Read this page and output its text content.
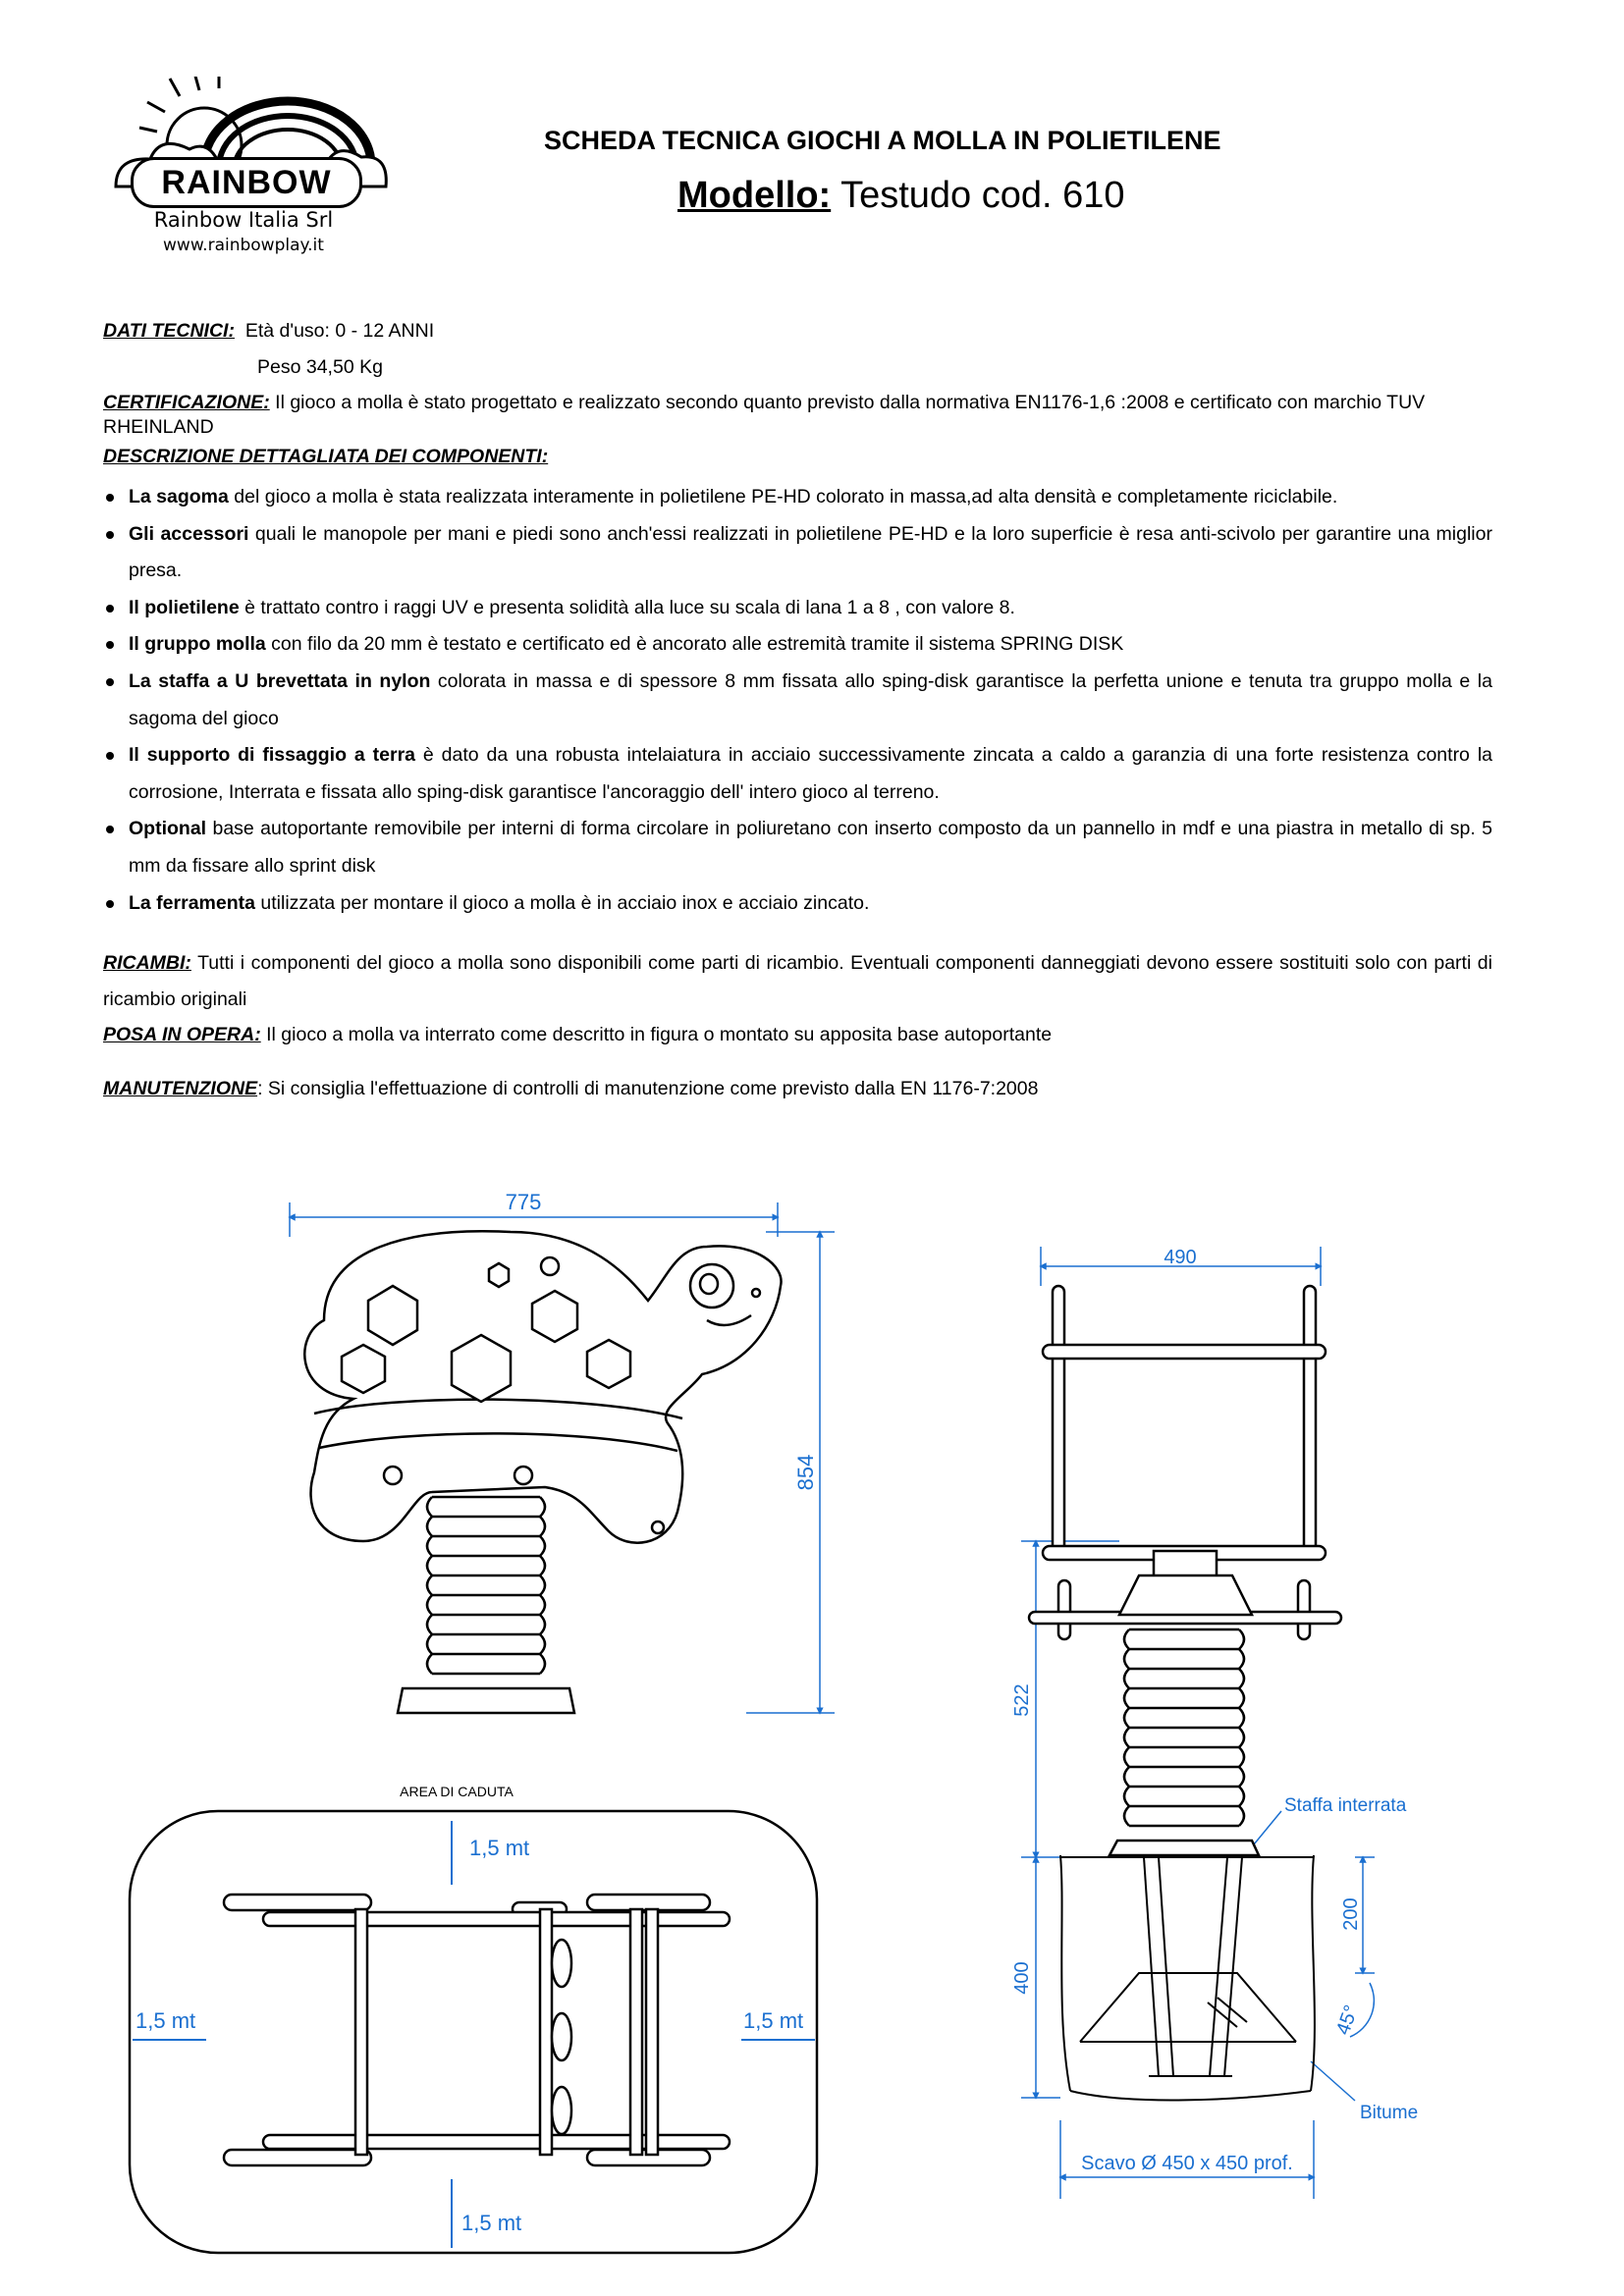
RAINBOW
Rainbow Italia Srl
www.rainbowplay.it
SCHEDA TECNICA GIOCHI A MOLLA IN POLIETILENE
Modello: Testudo cod. 610
DATI TECNICI: Età d'uso: 0 - 12 ANNI
Peso 34,50 Kg
CERTIFICAZIONE: Il gioco a molla è stato progettato e realizzato secondo quanto previsto dalla normativa EN1176-1,6 :2008 e certificato con marchio TUV RHEINLAND
DESCRIZIONE DETTAGLIATA DEI COMPONENTI:
La sagoma del gioco a molla è stata realizzata interamente in polietilene PE-HD colorato in massa,ad alta densità e completamente riciclabile.
Gli accessori quali le manopole per mani e piedi sono anch'essi realizzati in polietilene PE-HD e la loro superficie è resa anti-scivolo per garantire una miglior presa.
Il polietilene è trattato contro i raggi UV e presenta solidità alla luce su scala di lana 1 a 8 , con valore 8.
Il gruppo molla con filo da 20 mm è testato e certificato ed è ancorato alle estremità tramite il sistema SPRING DISK
La staffa a U brevettata in nylon colorata in massa e di spessore 8 mm fissata allo sping-disk garantisce la perfetta unione e tenuta tra gruppo molla e la sagoma del gioco
Il supporto di fissaggio a terra è dato da una robusta intelaiatura in acciaio successivamente zincata a caldo a garanzia di una forte resistenza contro la corrosione, Interrata e fissata allo sping-disk garantisce l'ancoraggio dell' intero gioco al terreno.
Optional base autoportante removibile per interni di forma circolare in poliuretano con inserto composto da un pannello in mdf e una piastra in metallo di sp. 5 mm da fissare allo sprint disk
La ferramenta utilizzata per montare il gioco a molla è in acciaio inox e acciaio zincato.
RICAMBI: Tutti i componenti del gioco a molla sono disponibili come parti di ricambio. Eventuali componenti danneggiati devono essere sostituiti solo con parti di ricambio originali
POSA IN OPERA: Il gioco a molla va interrato come descritto in figura o montato su apposita base autoportante
MANUTENZIONE: Si consiglia l'effettuazione di controlli di manutenzione come previsto dalla EN 1176-7:2008
775
854
490
522
400
200
45°
Staffa interrata
Bitume
Scavo Ø 450 x 450 prof.
AREA DI CADUTA
1,5 mt
1,5 mt	1,5 mt
1,5 mt
